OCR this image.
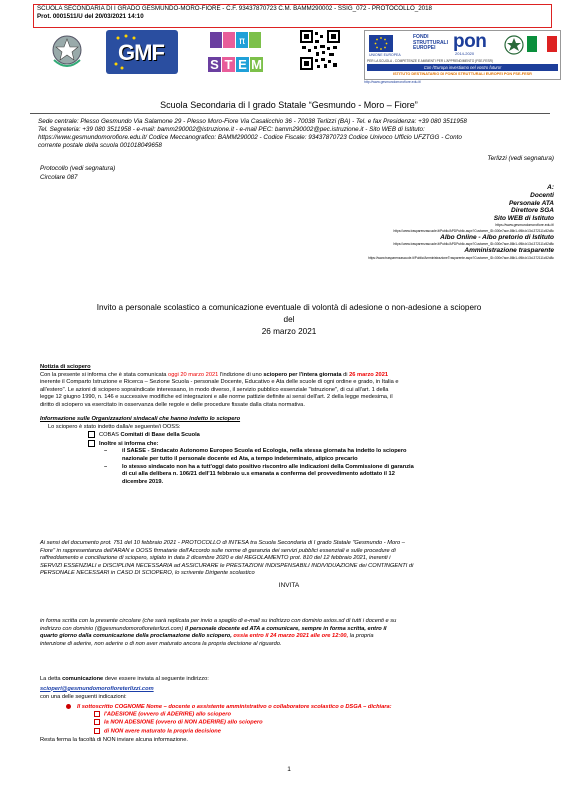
SCUOLA SECONDARIA DI I GRADO GESMUNDO-MORO-FIORE - C.F. 93437870723 C.M. BAMM290002 - SSIG_072 - PROTOCOLLO_2018
Prot. 0001511/U del 20/03/2021 14:10
GMF	π
S T E M
UNIONE EUROPEA
FONDI STRUTTURALI EUROPEI pon
2014-2020
PER LA SCUOLA - COMPETENZE E AMBIENTI PER L'APPRENDIMENTO (FSE-FESR)
Con l'Europa investiamo nel vostro futuro!
ISTITUTO DESTINATARIO DI FONDI STRUTTURALI EUROPEI PON FSE-FESR
http://www.gesmundomorofiore.edu.it/
Scuola Secondaria di I grado Statale “Gesmundo - Moro – Fiore”
Sede centrale: Plesso Gesmundo Via Salamone 29 - Plesso Moro-Fiore Via Casalicchio 36 - 70038 Terlizzi (BA) - Tel. e fax Presidenza: +39 080 3511958
Tel. Segreteria: +39 080 3511958 - e-mail: bamm290002@istruzione.it - e-mail PEC: bamm290002@pec.istruzione.it - Sito WEB di Istituto:
https://www.gesmundomorofiore.edu.it/ Codice Meccanografico: BAMM290002 - Codice Fiscale: 93437870723 Codice Univoco Ufficio UFZTGG - Conto
corrente postale della scuola 001018049658
Terlizzi (vedi segnatura)
Protocollo (vedi segnatura)
Circolare 087
A:
Docenti
Personale ATA
Direttore SGA
Sito WEB di Istituto
https://www.gesmundomorofiore.edu.it/
https://www.trasparenzascuole.it/Public/APDPublic.aspx?Customer_ID=300e7ace-86b1-4f6b-b13d-372111c52d8c
Albo Online - Albo pretorio di Istituto
https://www.trasparenzascuole.it/Public/APDPublic.aspx?Customer_ID=300e7ace-86b1-4f6b-b13d-372111c52d8c
Amministrazione trasparente
https://www.trasparenzascuole.it/Public/AmministrazioneTrasparente.aspx?Customer_ID=300e7ace-86b1-4f6b-b13d-372111c52d8c
Invito a personale scolastico a comunicazione eventuale di volontà di adesione o non-adesione a sciopero
del
26 marzo 2021
Notizia di sciopero
Con la presente si informa che è stata comunicata oggi 20 marzo 2021 l'indizione di uno sciopero per l'intera giornata di 26 marzo 2021
inerente il Comparto Istruzione e Ricerca – Sezione Scuola - personale Docente, Educativo e Ata delle scuole di ogni ordine e grado, in Italia e
all'estero". Le azioni di sciopero sopraindicate interessano, in modo diverso, il servizio pubblico essenziale "istruzione", di cui all'art. 1 della
legge 12 giugno 1990, n. 146 e successive modifiche ed integrazioni e alle norme pattizie definite ai sensi dell'art. 2 della legge medesima, il
diritto di sciopero va esercitato in osservanza delle regole e delle procedure fissate dalla citata normativa.
Informazione sulle Organizzazioni sindacali che hanno indetto lo sciopero
Lo sciopero è stato indetto dalla/e seguente/i OOSS:
COBAS Comitati di Base della Scuola
Inoltre si informa che:
–	il SAESE - Sindacato Autonomo Europeo Scuola ed Ecologia, nella stessa giornata ha indetto lo sciopero
nazionale per tutto il personale docente ed Ata, a tempo indeterminato, atipico precario
–	lo stesso sindacato non ha a tutt'oggi dato positivo riscontro alle indicazioni della Commissione di garanzia
di cui alla delibera n. 106/21 dell'11 febbraio u.s emanata a conferma del provvedimento adottato il 12
dicembre 2019.
Ai sensi del documento prot. 751 del 10 febbraio 2021 - PROTOCOLLO di INTESA tra Scuola Secondaria di I grado Statale "Gesmundo - Moro –
Fiore" in rappresentanza dell'ARAN e OOSS firmatarie dell'Accordo sulle norme di garanzia dei servizi pubblici essenziali e sulle procedure di
raffreddamento e conciliazione di sciopero, siglato in data 2 dicembre 2020 e del REGOLAMENTO prot. 810 del 12 febbraio 2021, inerenti i
SERVIZI ESSENZIALI e DISCIPLINA NECESSARIA ad ASSICURARE le PRESTAZIONI INDISPENSABILI INDIVIDUAZIONE dei CONTINGENTI di
PERSONALE NECESSARI in CASO DI SCIOPERO, lo scrivente Dirigente scolastico
INVITA
in forma scritta con la presente circolare (che sarà replicata per invio a spaglio di e-mail su indirizzo con dominio axios.sd di tutti i docenti e su
indirizzo con dominio (@gesmundomorofioreterlizzi.com) il personale docente ed ATA a comunicare, sempre in forma scritta, entro il
quarto giorno dalla comunicazione della proclamazione dello sciopero, ossia entro il 24 marzo 2021 alle ore 12:00, la propria
intenzione di aderire, non aderire o di non aver maturato ancora la propria decisione al riguardo.
La detta comunicazione deve essere inviata al seguente indirizzo:
scioperi@gesmundomorofioreterlizzi.com
con una delle seguenti indicazioni:
Il sottoscritto COGNOME Nome – docente o assistente amministrativo o collaboratore scolastico o DSGA – dichiara:
l'ADESIONE (ovvero di ADERIRE) allo sciopero
la NON ADESIONE (ovvero di NON ADERIRE) allo sciopero
di NON avere maturato la propria decisione
Resta ferma la facoltà di NON inviare alcuna informazione.
1
